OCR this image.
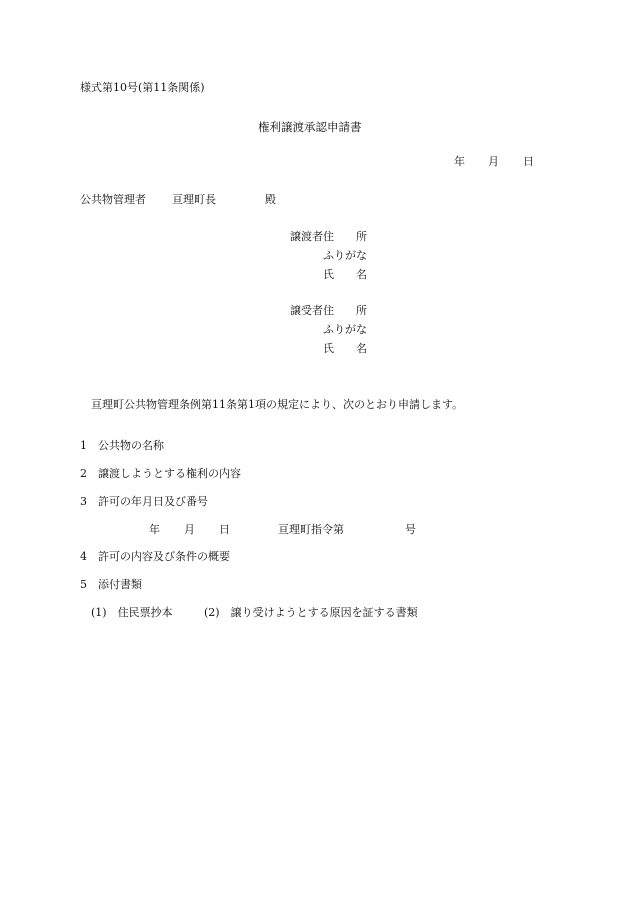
様式第10号(第11条関係)
権利譲渡承認申請書
年 月 日
公共物管理者 亘理町長	殿
譲渡者住　　所
ふりがな
氏　　名
譲受者住　　所
ふりがな
氏　　名
亘理町公共物管理条例第11条第1項の規定により、次のとおり申請します。
1 公共物の名称
2 譲渡しようとする権利の内容
3 許可の年月日及び番号
年 月 日	亘理町指令第	号
4 許可の内容及び条件の概要
5 添付書類
(1)　住民票抄本	(2)　譲り受けようとする原因を証する書類
